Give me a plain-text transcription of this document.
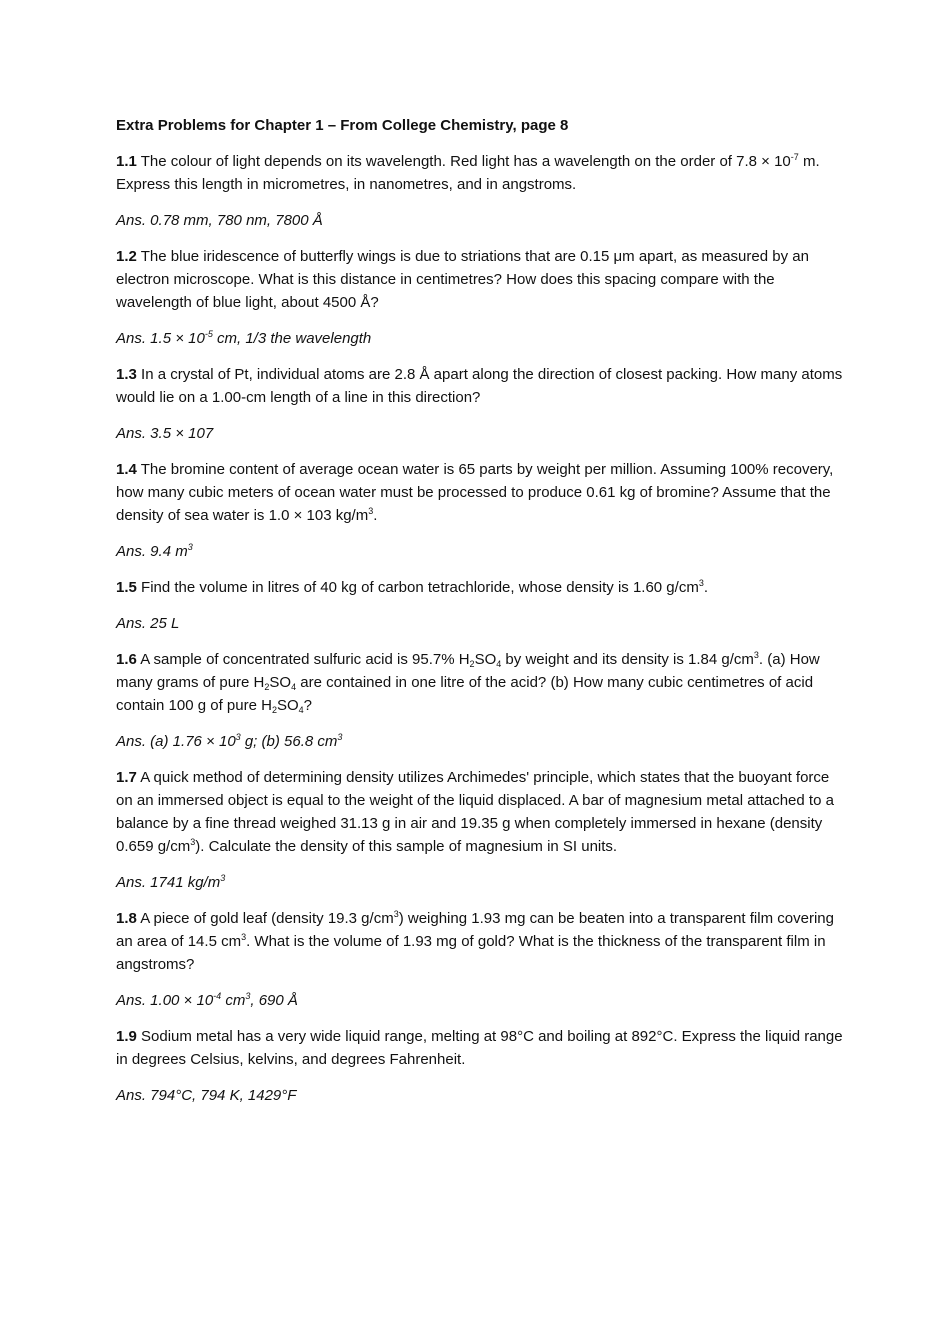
Extra Problems for Chapter 1 – From College Chemistry, page 8

1.1 The colour of light depends on its wavelength. Red light has a wavelength on the order of $7.8 \times 10^{-7}$ m. Express this length in micrometres, in nanometres, and in angstroms.

Ans. 0.78 mm, 780 nm, 7800 Å

1.2 The blue iridescence of butterfly wings is due to striations that are 0.15 μm apart, as measured by an electron microscope. What is this distance in centimetres? How does this spacing compare with the wavelength of blue light, about 4500 Å?

Ans. $1.5 \times 10^{-5}$ cm, 1/3 the wavelength

1.3 In a crystal of Pt, individual atoms are 2.8 Å apart along the direction of closest packing. How many atoms would lie on a 1.00-cm length of a line in this direction?

Ans. 3.5 × 107

1.4 The bromine content of average ocean water is 65 parts by weight per million. Assuming 100% recovery, how many cubic meters of ocean water must be processed to produce 0.61 kg of bromine? Assume that the density of sea water is 1.0 × 103 $kg/m^3$.

Ans. 9.4 $m^3$

1.5 Find the volume in litres of 40 kg of carbon tetrachloride, whose density is 1.60 $g/cm^3$.

Ans. 25 L

1.6 A sample of concentrated sulfuric acid is 95.7% $H_2SO_4$ by weight and its density is 1.84 $g/cm^3$. (a) How many grams of pure $H_2SO_4$ are contained in one litre of the acid? (b) How many cubic centimetres of acid contain 100 g of pure $H_2SO_4$?

Ans. (a) $1.76 \times 10^3$ g; (b) 56.8 $cm^3$

1.7 A quick method of determining density utilizes Archimedes' principle, which states that the buoyant force on an immersed object is equal to the weight of the liquid displaced. A bar of magnesium metal attached to a balance by a fine thread weighed 31.13 g in air and 19.35 g when completely immersed in hexane (density 0.659 $g/cm^3$). Calculate the density of this sample of magnesium in SI units.

Ans. 1741 $kg/m^3$

1.8 A piece of gold leaf (density 19.3 $g/cm^3$) weighing 1.93 mg can be beaten into a transparent film covering an area of 14.5 $cm^3$. What is the volume of 1.93 mg of gold? What is the thickness of the transparent film in angstroms?

Ans. $1.00 \times 10^{-4}$ $cm^3$, 690 Å

1.9 Sodium metal has a very wide liquid range, melting at 98°C and boiling at 892°C. Express the liquid range in degrees Celsius, kelvins, and degrees Fahrenheit.

Ans. 794°C, 794 K, 1429°F
